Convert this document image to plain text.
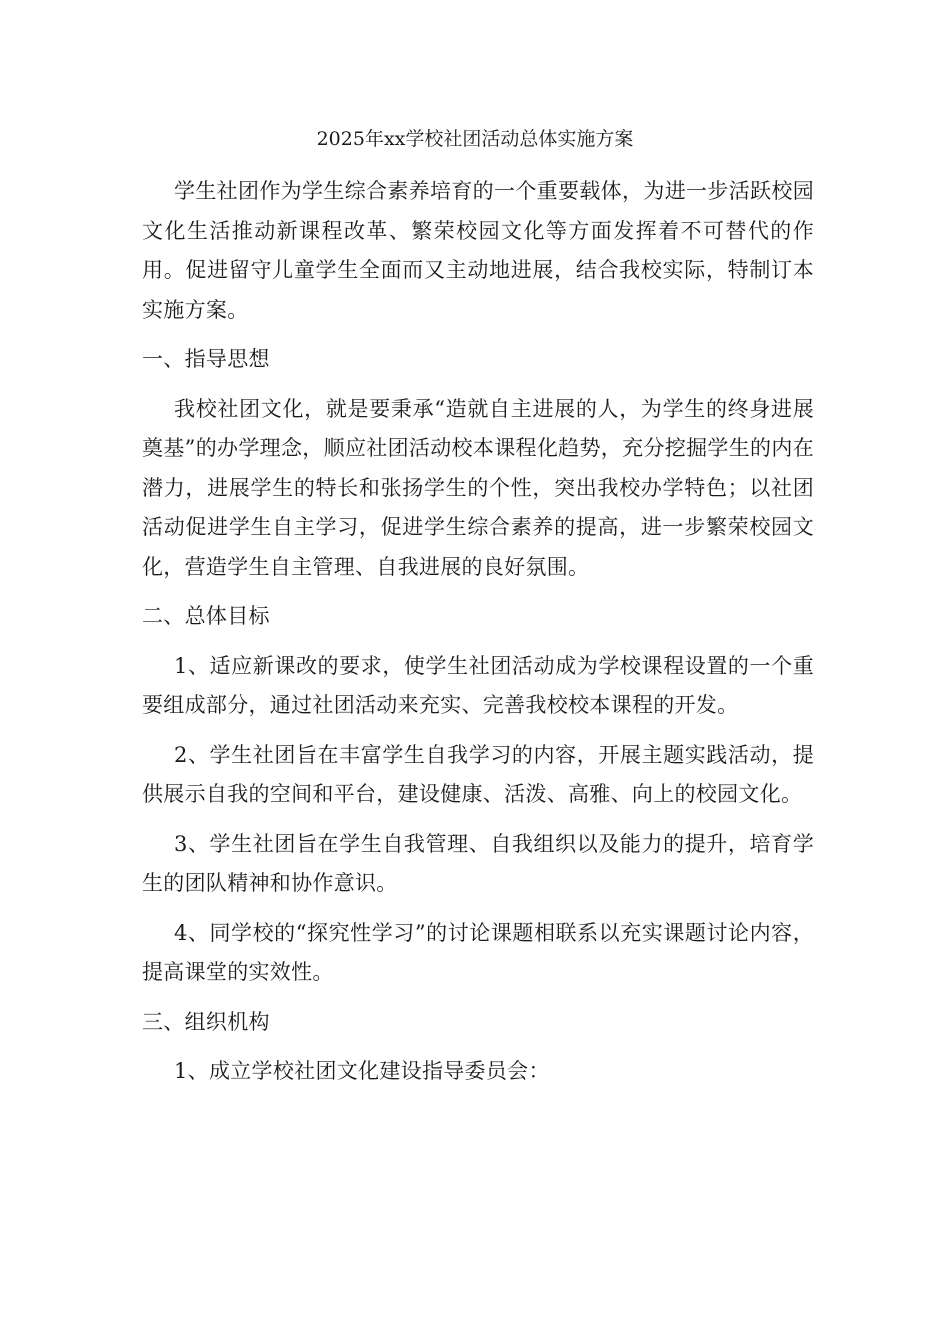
2025年xx学校社团活动总体实施方案

学生社团作为学生综合素养培育的一个重要载体，为进一步活跃校园文化生活推动新课程改革、繁荣校园文化等方面发挥着不可替代的作用。促进留守儿童学生全面而又主动地进展，结合我校实际，特制订本实施方案。

一、指导思想

我校社团文化，就是要秉承“造就自主进展的人，为学生的终身进展奠基”的办学理念，顺应社团活动校本课程化趋势，充分挖掘学生的内在潜力，进展学生的特长和张扬学生的个性，突出我校办学特色；以社团活动促进学生自主学习，促进学生综合素养的提高，进一步繁荣校园文化，营造学生自主管理、自我进展的良好氛围。

二、总体目标

1、适应新课改的要求，使学生社团活动成为学校课程设置的一个重要组成部分，通过社团活动来充实、完善我校校本课程的开发。

2、学生社团旨在丰富学生自我学习的内容，开展主题实践活动，提供展示自我的空间和平台，建设健康、活泼、高雅、向上的校园文化。

3、学生社团旨在学生自我管理、自我组织以及能力的提升，培育学生的团队精神和协作意识。

4、同学校的“探究性学习”的讨论课题相联系以充实课题讨论内容，提高课堂的实效性。

三、组织机构

1、成立学校社团文化建设指导委员会：
